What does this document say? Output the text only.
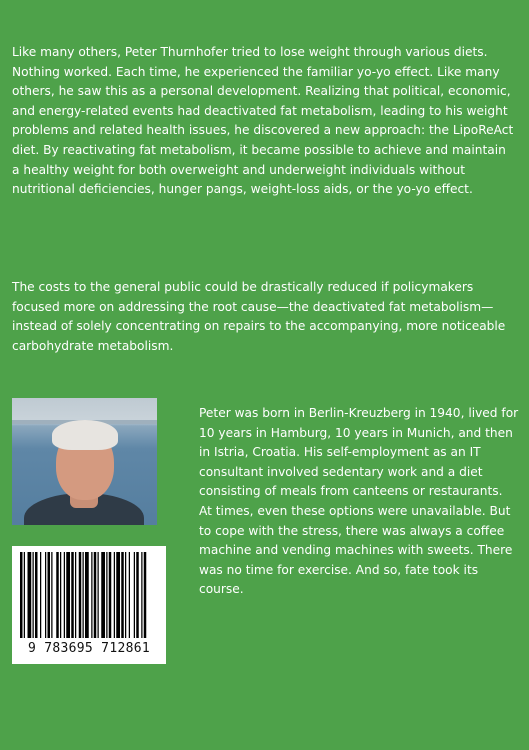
Like many others, Peter Thurnhofer tried to lose weight through various diets. Nothing worked. Each time, he experienced the familiar yo-yo effect. Like many others, he saw this as a personal development. Realizing that political, economic, and energy-related events had deactivated fat metabolism, leading to his weight problems and related health issues, he discovered a new approach: the LipoReAct diet. By reactivating fat metabolism, it became possible to achieve and maintain a healthy weight for both overweight and underweight individuals without nutritional deficiencies, hunger pangs, weight-loss aids, or the yo-yo effect.

The costs to the general public could be drastically reduced if policymakers focused more on addressing the root cause—the deactivated fat metabolism—instead of solely concentrating on repairs to the accompanying, more noticeable carbohydrate metabolism.

Peter was born in Berlin-Kreuzberg in 1940, lived for 10 years in Hamburg, 10 years in Munich, and then in Istria, Croatia. His self-employment as an IT consultant involved sedentary work and a diet consisting of meals from canteens or restaurants. At times, even these options were unavailable. But to cope with the stress, there was always a coffee machine and vending machines with sweets. There was no time for exercise. And so, fate took its course.

9 783695 712861
